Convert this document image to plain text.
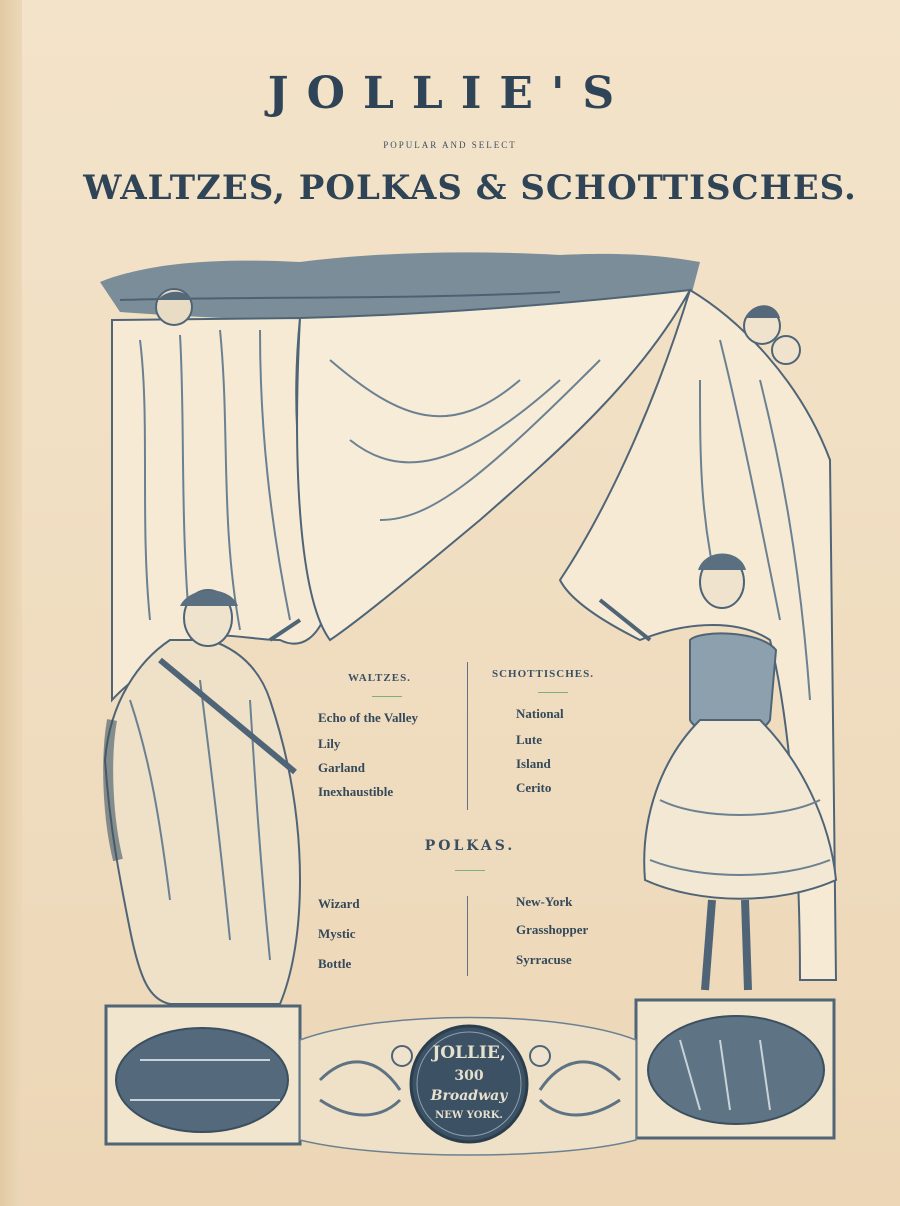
JOLLIE'S
POPULAR AND SELECT
WALTZES, POLKAS & SCHOTTISCHES.
JOLLIE,
300
Broadway
NEW YORK.
WALTZES.	SCHOTTISCHES.
Echo of the Valley
Lily
Garland
Inexhaustible
National
Lute
Island
Cerito
POLKAS.
Wizard
Mystic
Bottle
New-York
Grasshopper
Syrracuse
